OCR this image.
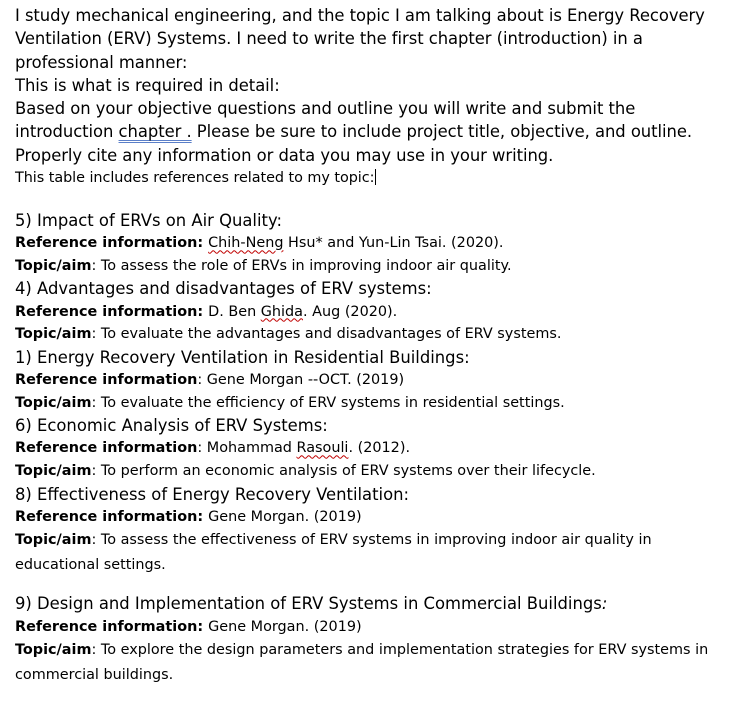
I study mechanical engineering, and the topic I am talking about is Energy Recovery Ventilation (ERV) Systems. I need to write the first chapter (introduction) in a professional manner:

This is what is required in detail:

Based on your objective questions and outline you will write and submit the introduction chapter . Please be sure to include project title, objective, and outline.

Properly cite any information or data you may use in your writing.

This table includes references related to my topic:

5) Impact of ERVs on Air Quality:

Reference information: Chih-Neng Hsu* and Yun-Lin Tsai. (2020).

Topic/aim: To assess the role of ERVs in improving indoor air quality.

4) Advantages and disadvantages of ERV systems:

Reference information: D. Ben Ghida. Aug (2020).

Topic/aim: To evaluate the advantages and disadvantages of ERV systems.

1) Energy Recovery Ventilation in Residential Buildings:

Reference information: Gene Morgan --OCT. (2019)

Topic/aim: To evaluate the efficiency of ERV systems in residential settings.

6) Economic Analysis of ERV Systems:

Reference information: Mohammad Rasouli. (2012).

Topic/aim: To perform an economic analysis of ERV systems over their lifecycle.

8) Effectiveness of Energy Recovery Ventilation:

Reference information: Gene Morgan. (2019)

Topic/aim: To assess the effectiveness of ERV systems in improving indoor air quality in educational settings.

9) Design and Implementation of ERV Systems in Commercial Buildings:

Reference information: Gene Morgan. (2019)

Topic/aim: To explore the design parameters and implementation strategies for ERV systems in commercial buildings.
